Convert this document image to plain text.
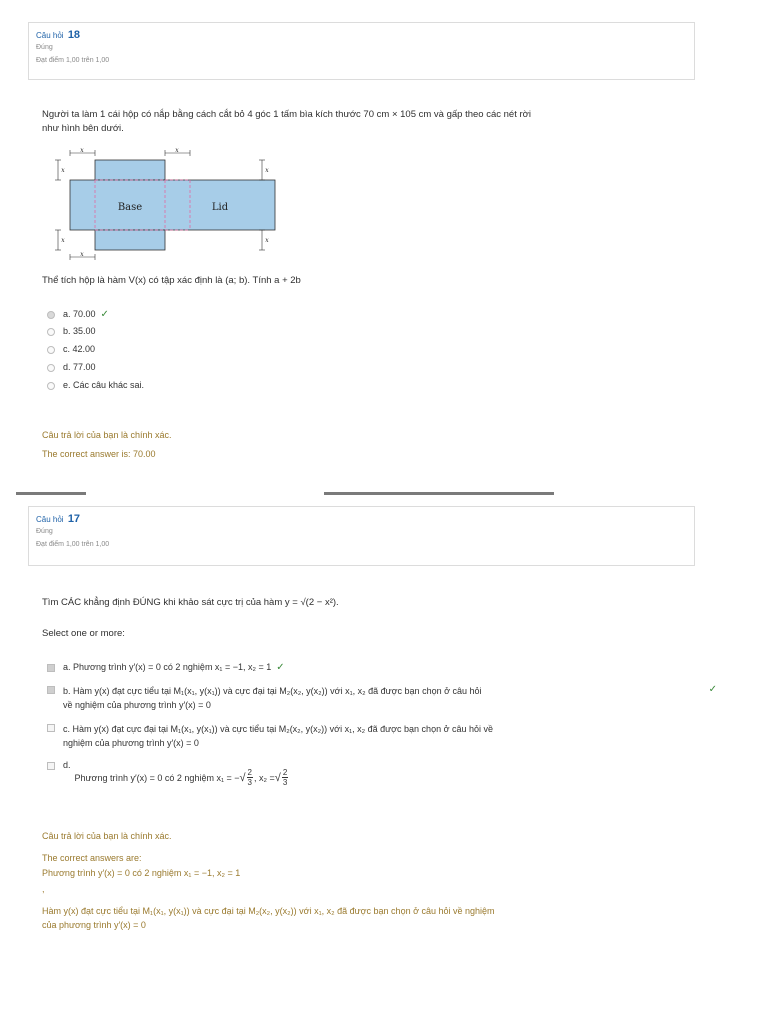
Câu hỏi 18
Đúng
Đạt điểm 1,00 trên 1,00
Người ta làm 1 cái hộp có nắp bằng cách cắt bỏ 4 góc 1 tấm bìa kích thước 70 cm × 105 cm và gấp theo các nét rời
như hình bên dưới.
Base	Lid
x	x
x
x	x
x	x
Thể tích hộp là hàm V(x) có tập xác định là (a; b). Tính a + 2b
a. 70.00 ✓
b. 35.00
c. 42.00
d. 77.00
e. Các câu khác sai.
Câu trả lời của bạn là chính xác.
The correct answer is: 70.00
Câu hỏi 17
Đúng
Đạt điểm 1,00 trên 1,00
Tìm CÁC khẳng định ĐÚNG khi khảo sát cực trị của hàm y = √(2 − x²).
Select one or more:
a. Phương trình y′(x) = 0 có 2 nghiệm x₁ = −1, x₂ = 1 ✓
b. Hàm y(x) đạt cực tiểu tại M₁(x₁, y(x₁)) và cực đại tại M₂(x₂, y(x₂)) với x₁, x₂ đã được bạn chọn ở câu hỏi
về nghiệm của phương trình y′(x) = 0
✓
c. Hàm y(x) đạt cực đại tại M₁(x₁, y(x₁)) và cực tiểu tại M₂(x₂, y(x₂)) với x₁, x₂ đã được bạn chọn ở câu hỏi về
nghiệm của phương trình y′(x) = 0
d.
Phương trình y′(x) = 0 có 2 nghiệm x₁ = − √ $\frac{2}{3}$ , x₂ = √ $\frac{2}{3}$
Câu trả lời của bạn là chính xác.
The correct answers are:
Phương trình y′(x) = 0 có 2 nghiệm x₁ = −1, x₂ = 1
,
Hàm y(x) đạt cực tiểu tại M₁(x₁, y(x₁)) và cực đại tại M₂(x₂, y(x₂)) với x₁, x₂ đã được bạn chọn ở câu hỏi về nghiệm
của phương trình y′(x) = 0
